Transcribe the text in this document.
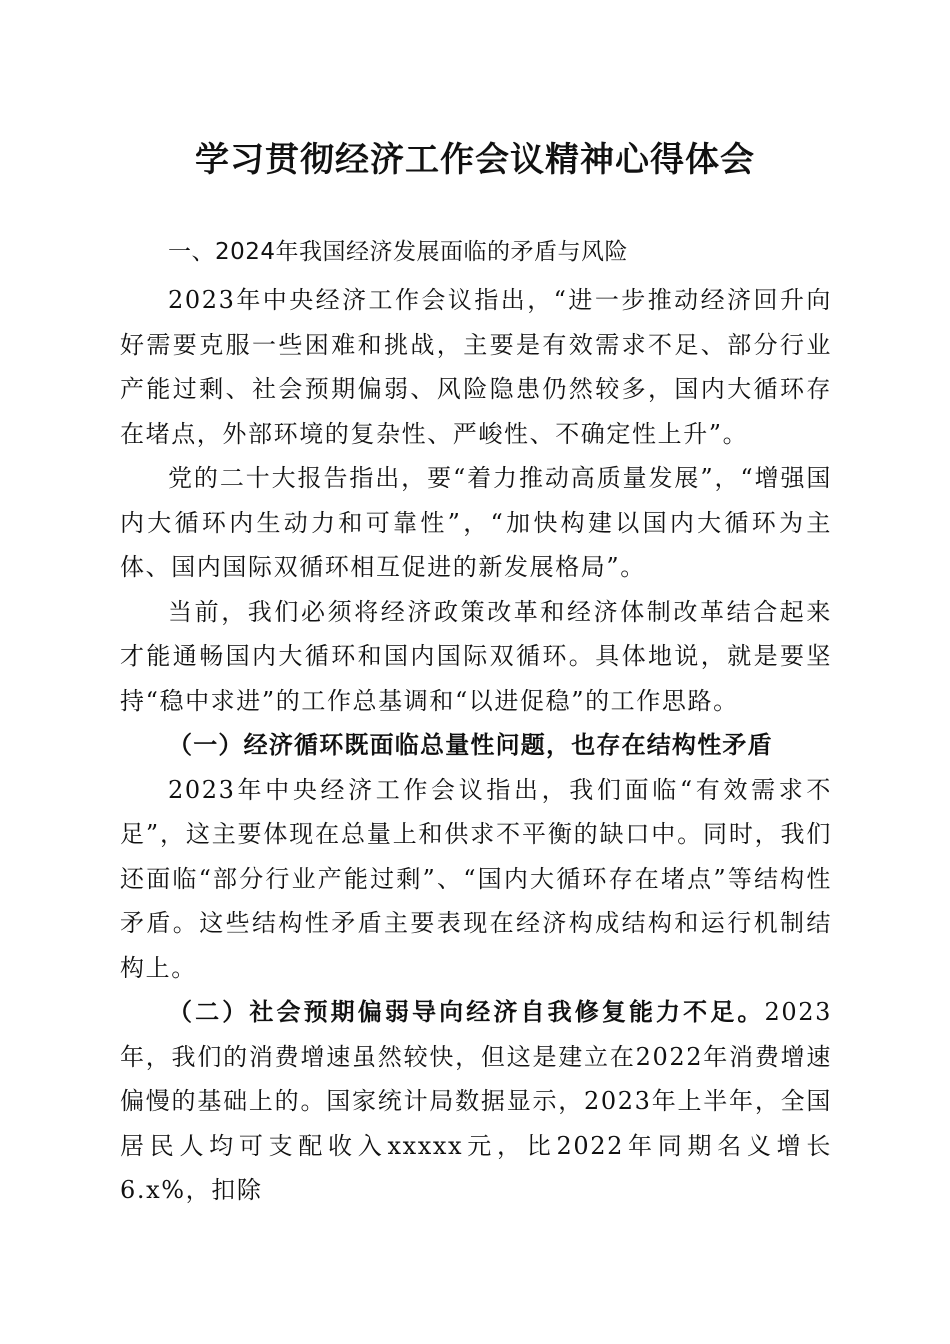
学习贯彻经济工作会议精神心得体会

一、2024年我国经济发展面临的矛盾与风险

2023年中央经济工作会议指出，“进一步推动经济回升向好需要克服一些困难和挑战，主要是有效需求不足、部分行业产能过剩、社会预期偏弱、风险隐患仍然较多，国内大循环存在堵点，外部环境的复杂性、严峻性、不确定性上升”。

党的二十大报告指出，要“着力推动高质量发展”，“增强国内大循环内生动力和可靠性”，“加快构建以国内大循环为主体、国内国际双循环相互促进的新发展格局”。

当前，我们必须将经济政策改革和经济体制改革结合起来才能通畅国内大循环和国内国际双循环。具体地说，就是要坚持“稳中求进”的工作总基调和“以进促稳”的工作思路。

（一）经济循环既面临总量性问题，也存在结构性矛盾

2023年中央经济工作会议指出，我们面临“有效需求不足”，这主要体现在总量上和供求不平衡的缺口中。同时，我们还面临“部分行业产能过剩”、“国内大循环存在堵点”等结构性矛盾。这些结构性矛盾主要表现在经济构成结构和运行机制结构上。

（二）社会预期偏弱导向经济自我修复能力不足。2023年，我们的消费增速虽然较快，但这是建立在2022年消费增速偏慢的基础上的。国家统计局数据显示，2023年上半年，全国居民人均可支配收入xxxxx元，比2022年同期名义增长6.x%，扣除
